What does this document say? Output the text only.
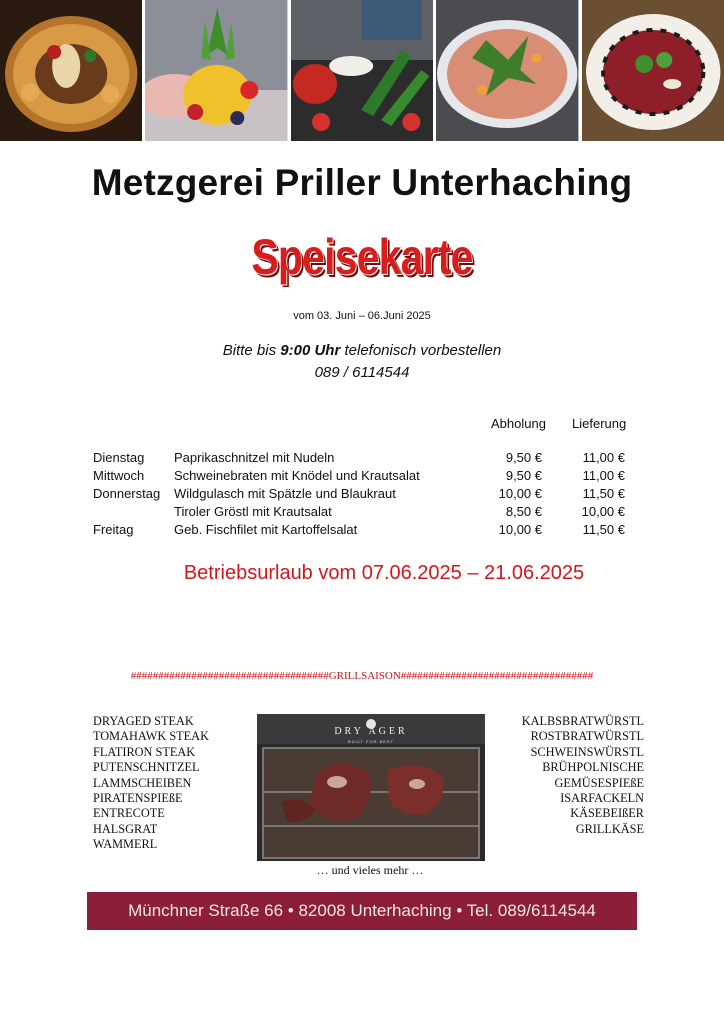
Metzgerei Priller Unterhaching
Speisekarte
vom 03. Juni – 06.Juni 2025
Bitte bis 9:00 Uhr telefonisch vorbestellen
089 / 6114544
Abholung Lieferung
Dienstag Paprikaschnitzel mit Nudeln	9,50 €	11,00 €
Mittwoch Schweinebraten mit Knödel und Krautsalat	9,50 €	11,00 €
Donnerstag Wildgulasch mit Spätzle und Blaukraut	10,00 €	11,50 €
Tiroler Gröstl mit Krautsalat	8,50 €	10,00 €
Freitag	Geb. Fischfilet mit Kartoffelsalat	10,00 €	11,50 €
Betriebsurlaub vom 07.06.2025 – 21.06.2025
####################################GRILLSAISON###################################
DRYAGED STEAK
TOMAHAWK STEAK
FLATIRON STEAK
PUTENSCHNITZEL
LAMMSCHEIBEN
PIRATENSPIEßE
ENTRECOTE
HALSGRAT
WAMMERL
DRY AGER
BUILT FOR BEST
KALBSBRATWÜRSTL
ROSTBRATWÜRSTL
SCHWEINSWÜRSTL
BRÜHPOLNISCHE
GEMÜSESPIEßE
ISARFACKELN
KÄSEBEIßER
GRILLKÄSE
… und vieles mehr …
Münchner Straße 66 • 82008 Unterhaching • Tel. 089/6114544
